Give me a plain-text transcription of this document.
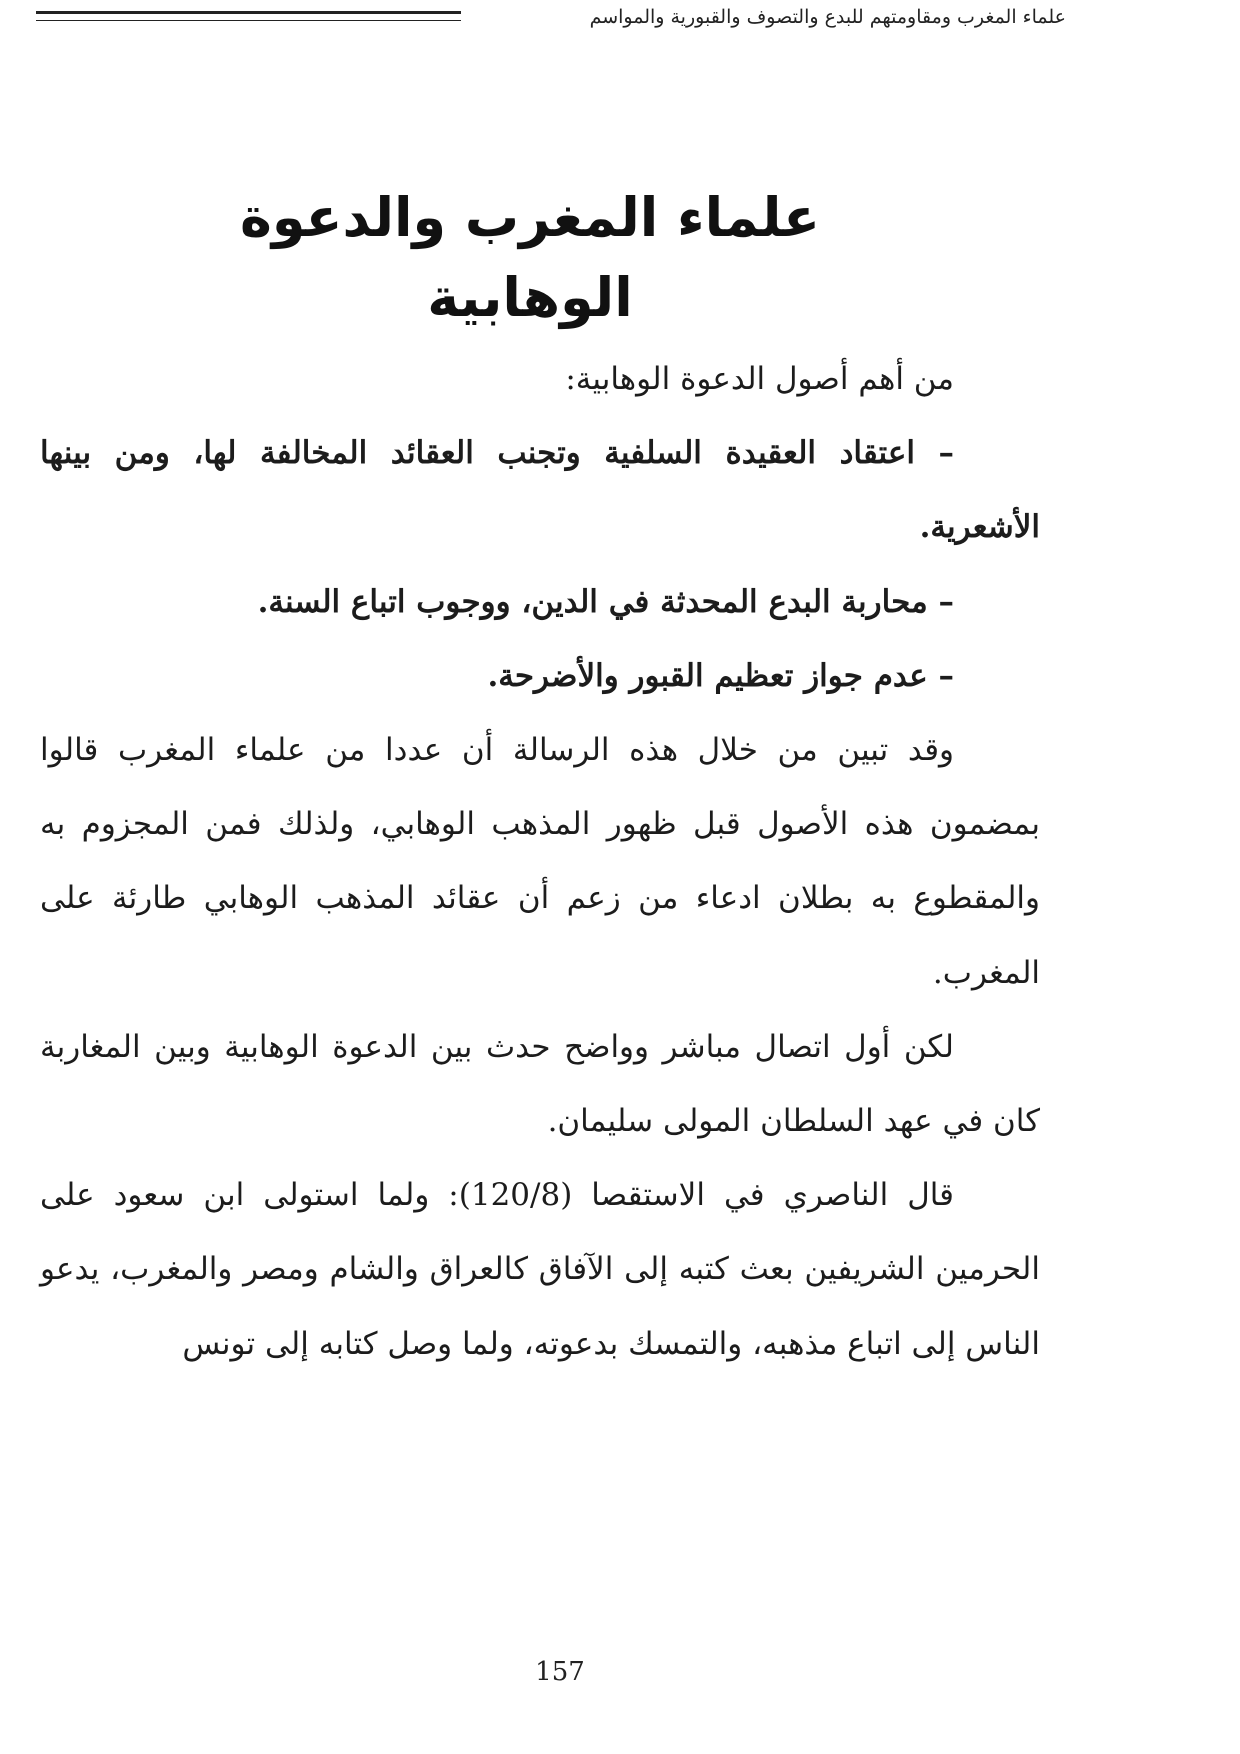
علماء المغرب ومقاومتهم للبدع والتصوف والقبورية والمواسم
علماء المغرب والدعوة الوهابية

من أهم أصول الدعوة الوهابية:

– اعتقاد العقيدة السلفية وتجنب العقائد المخالفة لها، ومن بينها الأشعرية.

– محاربة البدع المحدثة في الدين، ووجوب اتباع السنة.

– عدم جواز تعظيم القبور والأضرحة.

وقد تبين من خلال هذه الرسالة أن عددا من علماء المغرب قالوا بمضمون هذه الأصول قبل ظهور المذهب الوهابي، ولذلك فمن المجزوم به والمقطوع به بطلان ادعاء من زعم أن عقائد المذهب الوهابي طارئة على المغرب.

لكن أول اتصال مباشر وواضح حدث بين الدعوة الوهابية وبين المغاربة كان في عهد السلطان المولى سليمان.

قال الناصري في الاستقصا (120/8): ولما استولى ابن سعود على الحرمين الشريفين بعث كتبه إلى الآفاق كالعراق والشام ومصر والمغرب، يدعو الناس إلى اتباع مذهبه، والتمسك بدعوته، ولما وصل كتابه إلى تونس

157
